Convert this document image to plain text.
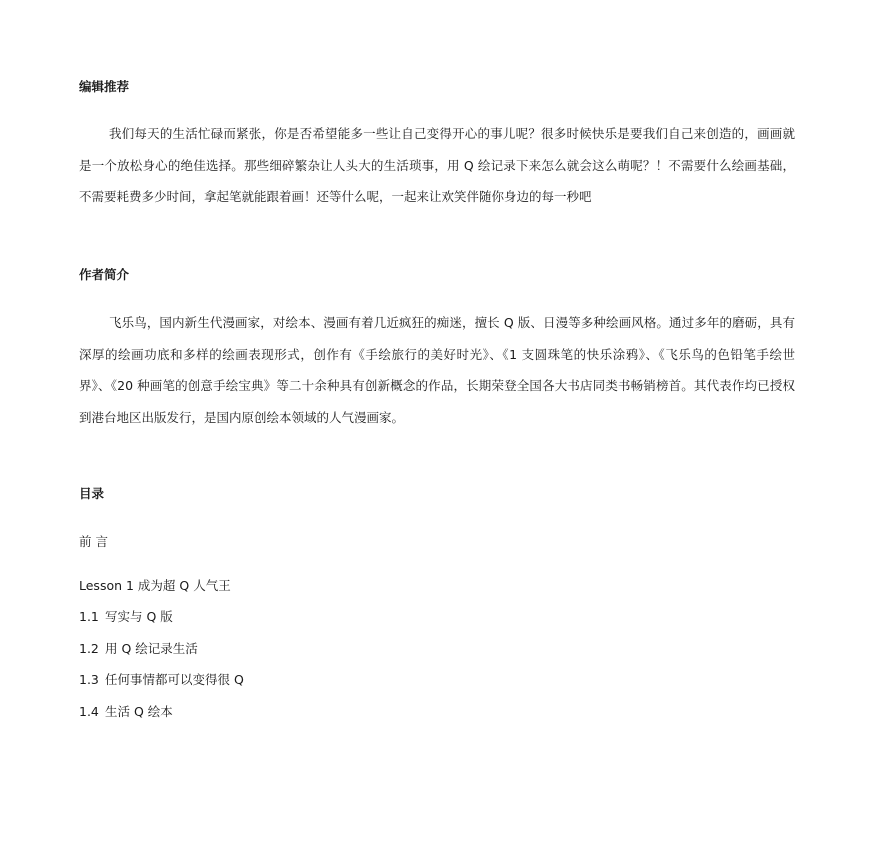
编辑推荐
我们每天的生活忙碌而紧张，你是否希望能多一些让自己变得开心的事儿呢？很多时候快乐是要我们自己来创造的，画画就是一个放松身心的绝佳选择。那些细碎繁杂让人头大的生活琐事，用 Q 绘记录下来怎么就会这么萌呢？！不需要什么绘画基础，不需要耗费多少时间，拿起笔就能跟着画！还等什么呢，一起来让欢笑伴随你身边的每一秒吧
作者简介
飞乐鸟，国内新生代漫画家，对绘本、漫画有着几近疯狂的痴迷，擅长 Q 版、日漫等多种绘画风格。通过多年的磨砺，具有深厚的绘画功底和多样的绘画表现形式，创作有《手绘旅行的美好时光》、《1 支圆珠笔的快乐涂鸦》、《飞乐鸟的色铅笔手绘世界》、《20 种画笔的创意手绘宝典》等二十余种具有创新概念的作品，长期荣登全国各大书店同类书畅销榜首。其代表作均已授权到港台地区出版发行，是国内原创绘本领域的人气漫画家。
目录
前 言
Lesson 1 成为超 Q 人气王
1.1 写实与 Q 版
1.2 用 Q 绘记录生活
1.3 任何事情都可以变得很 Q
1.4 生活 Q 绘本
